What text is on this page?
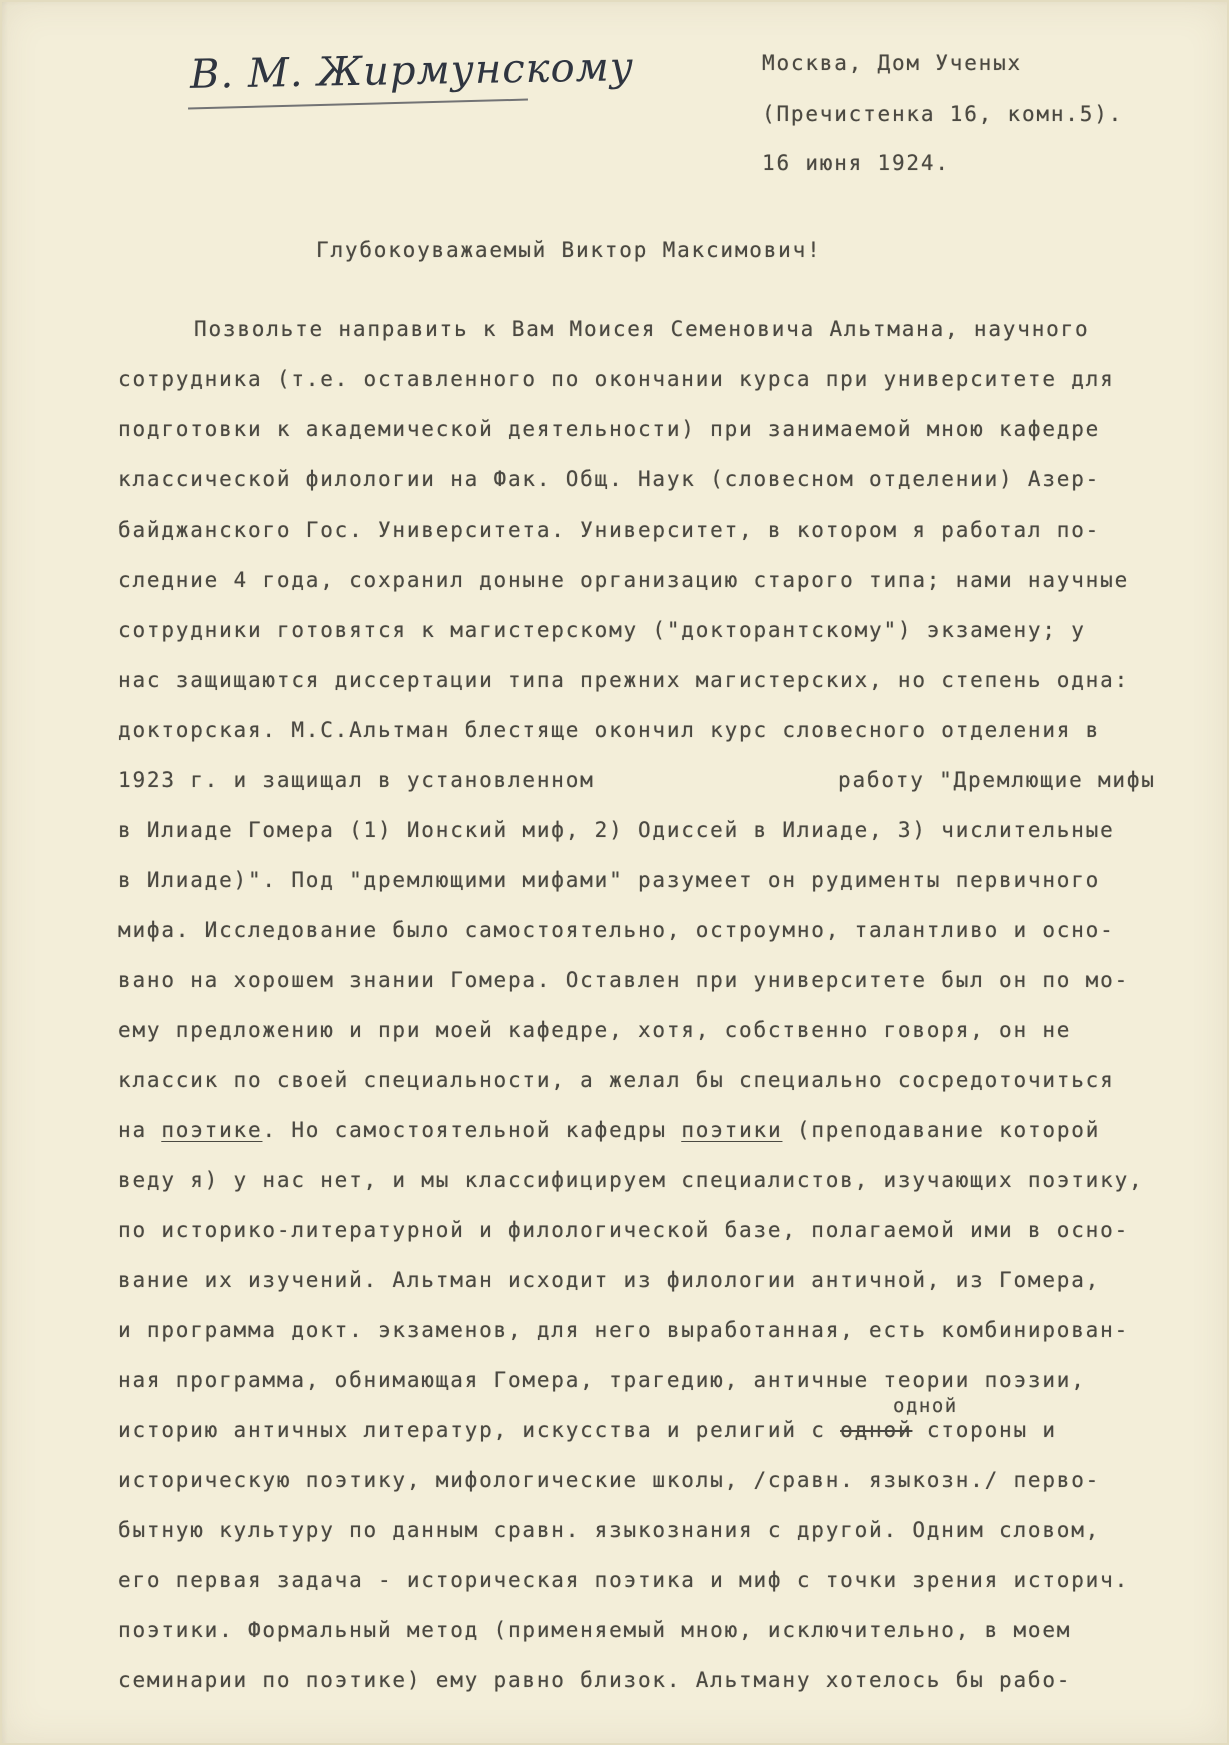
В. М. Жирмунскому	Москва, Дом Ученых
(Пречистенка 16, комн.5).
16 июня 1924.
Глубокоуважаемый Виктор Максимович!
Позвольте направить к Вам Моисея Семеновича Альтмана, научного
сотрудника (т.е. оставленного по окончании курса при университете для
подготовки к академической деятельности) при занимаемой мною кафедре
классической филологии на Фак. Общ. Наук (словесном отделении) Азер-
байджанского Гос. Университета. Университет, в котором я работал по-
следние 4 года, сохранил доныне организацию старого типа; нами научные
сотрудники готовятся к магистерскому ("докторантскому") экзамену; у
нас защищаются диссертации типа прежних магистерских, но степень одна:
докторская. М.С.Альтман блестяще окончил курс словесного отделения в
1923 г. и защищал в установленном	работу "Дремлющие мифы
в Илиаде Гомера (1) Ионский миф, 2) Одиссей в Илиаде, 3) числительные
в Илиаде)". Под "дремлющими мифами" разумеет он рудименты первичного
мифа. Исследование было самостоятельно, остроумно, талантливо и осно-
вано на хорошем знании Гомера. Оставлен при университете был он по мо-
ему предложению и при моей кафедре, хотя, собственно говоря, он не
классик по своей специальности, а желал бы специально сосредоточиться
на поэтике. Но самостоятельной кафедры поэтики (преподавание которой
веду я) у нас нет, и мы классифицируем специалистов, изучающих поэтику,
по историко-литературной и филологической базе, полагаемой ими в осно-
вание их изучений. Альтман исходит из филологии античной, из Гомера,
и программа докт. экзаменов, для него выработанная, есть комбинирован-
ная программа, обнимающая Гомера, трагедию, античные теории поэзии,
одной
историю античных литератур, искусства и религий с одной стороны и
историческую поэтику, мифологические школы, /сравн. языкозн./ перво-
бытную культуру по данным сравн. языкознания с другой. Одним словом,
его первая задача - историческая поэтика и миф с точки зрения историч.
поэтики. Формальный метод (применяемый мною, исключительно, в моем
семинарии по поэтике) ему равно близок. Альтману хотелось бы рабо-
